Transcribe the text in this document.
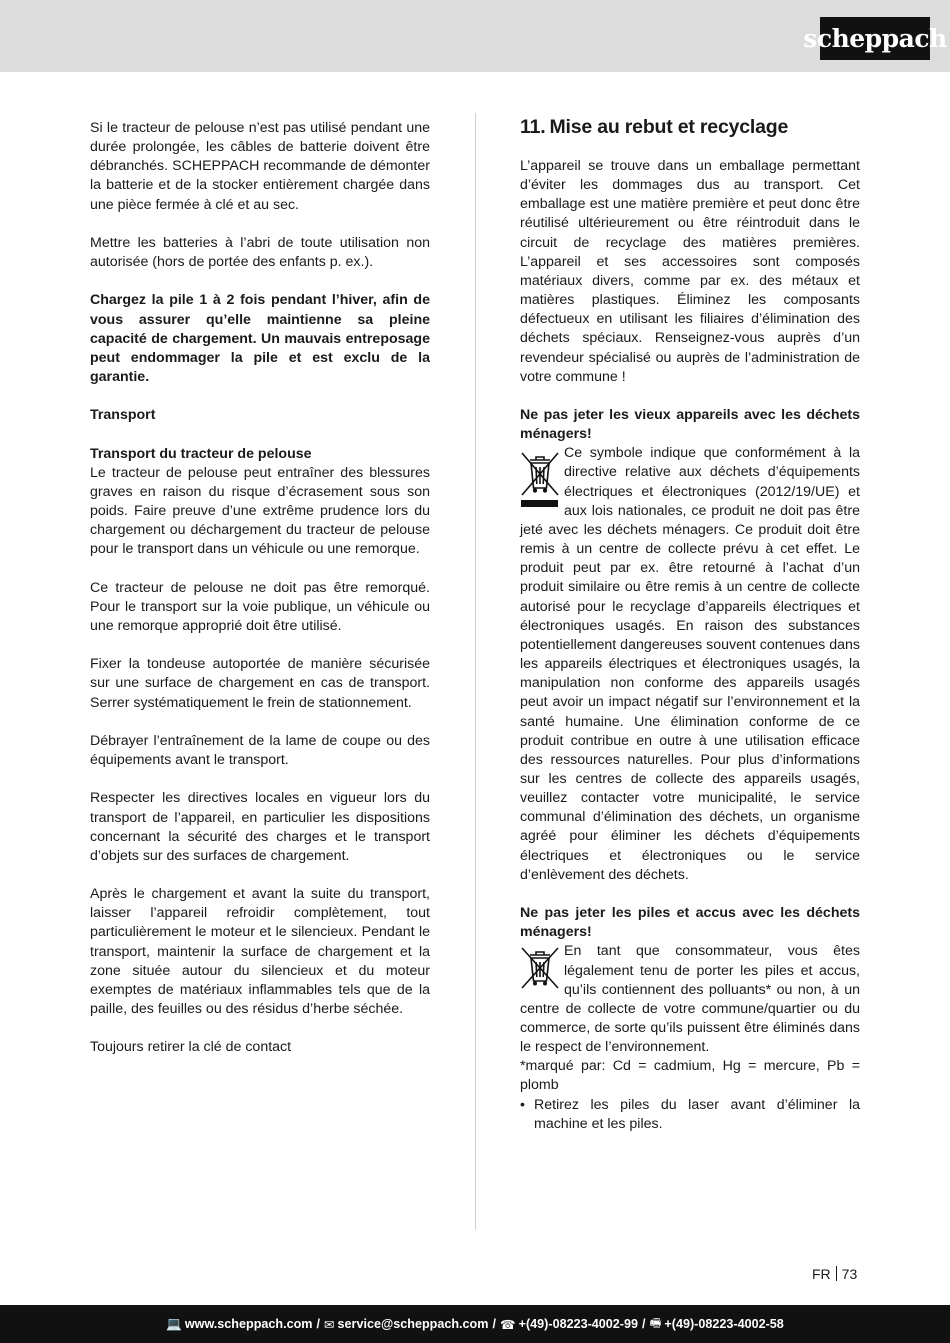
scheppach

Si le tracteur de pelouse n’est pas utilisé pendant une durée prolongée, les câbles de batterie doivent être débranchés. SCHEPPACH recommande de démonter la batterie et de la stocker entièrement chargée dans une pièce fermée à clé et au sec.

Mettre les batteries à l’abri de toute utilisation non autorisée (hors de portée des enfants p. ex.).

Chargez la pile 1 à 2 fois pendant l’hiver, afin de vous assurer qu’elle maintienne sa pleine capacité de chargement. Un mauvais entreposage peut endommager la pile et est exclu de la garantie.

Transport

Transport du tracteur de pelouse

Le tracteur de pelouse peut entraîner des blessures graves en raison du risque d’écrasement sous son poids. Faire preuve d’une extrême prudence lors du chargement ou déchargement du tracteur de pelouse pour le transport dans un véhicule ou une remorque.

Ce tracteur de pelouse ne doit pas être remorqué. Pour le transport sur la voie publique, un véhicule ou une remorque approprié doit être utilisé.

Fixer la tondeuse autoportée de manière sécurisée sur une surface de chargement en cas de transport. Serrer systématiquement le frein de stationnement.

Débrayer l’entraînement de la lame de coupe ou des équipements avant le transport.

Respecter les directives locales en vigueur lors du transport de l’appareil, en particulier les dispositions concernant la sécurité des charges et le transport d’objets sur des surfaces de chargement.

Après le chargement et avant la suite du transport, laisser l’appareil refroidir complètement, tout particulièrement le moteur et le silencieux. Pendant le transport, maintenir la surface de chargement et la zone située autour du silencieux et du moteur exemptes de matériaux inflammables tels que de la paille, des feuilles ou des résidus d’herbe séchée.

Toujours retirer la clé de contact

11. Mise au rebut et recyclage

L’appareil se trouve dans un emballage permettant d’éviter les dommages dus au transport. Cet emballage est une matière première et peut donc être réutilisé ultérieurement ou être réintroduit dans le circuit de recyclage des matières premières. L’appareil et ses accessoires sont composés matériaux divers, comme par ex. des métaux et matières plastiques. Éliminez les composants défectueux en utilisant les filiaires d’élimination des déchets spéciaux. Renseignez-vous auprès d’un revendeur spécialisé ou auprès de l’administration de votre commune !

Ne pas jeter les vieux appareils avec les déchets ménagers!

Ce symbole indique que conformément à la directive relative aux déchets d’équipements électriques et électroniques (2012/19/UE) et aux lois nationales, ce produit ne doit pas être jeté avec les déchets ménagers. Ce produit doit être remis à un centre de collecte prévu à cet effet. Le produit peut par ex. être retourné à l’achat d’un produit similaire ou être remis à un centre de collecte autorisé pour le recyclage d’appareils électriques et électroniques usagés. En raison des substances potentiellement dangereuses souvent contenues dans les appareils électriques et électroniques usagés, la manipulation non conforme des appareils usagés peut avoir un impact négatif sur l’environnement et la santé humaine. Une élimination conforme de ce produit contribue en outre à une utilisation efficace des ressources naturelles. Pour plus d’informations sur les centres de collecte des appareils usagés, veuillez contacter votre municipalité, le service communal d’élimination des déchets, un organisme agréé pour éliminer les déchets d’équipements électriques et électroniques ou le service d’enlèvement des déchets.

Ne pas jeter les piles et accus avec les déchets ménagers!

En tant que consommateur, vous êtes légalement tenu de porter les piles et accus, qu’ils contiennent des polluants* ou non, à un centre de collecte de votre commune/quartier ou du commerce, de sorte qu’ils puissent être éliminés dans le respect de l’environnement.

*marqué par: Cd = cadmium, Hg = mercure, Pb = plomb

• Retirez les piles du laser avant d’éliminer la machine et les piles.
FR 73
💻 www.scheppach.com / ✉ service@scheppach.com / ☎ +(49)-08223-4002-99 / 🖷 +(49)-08223-4002-58
